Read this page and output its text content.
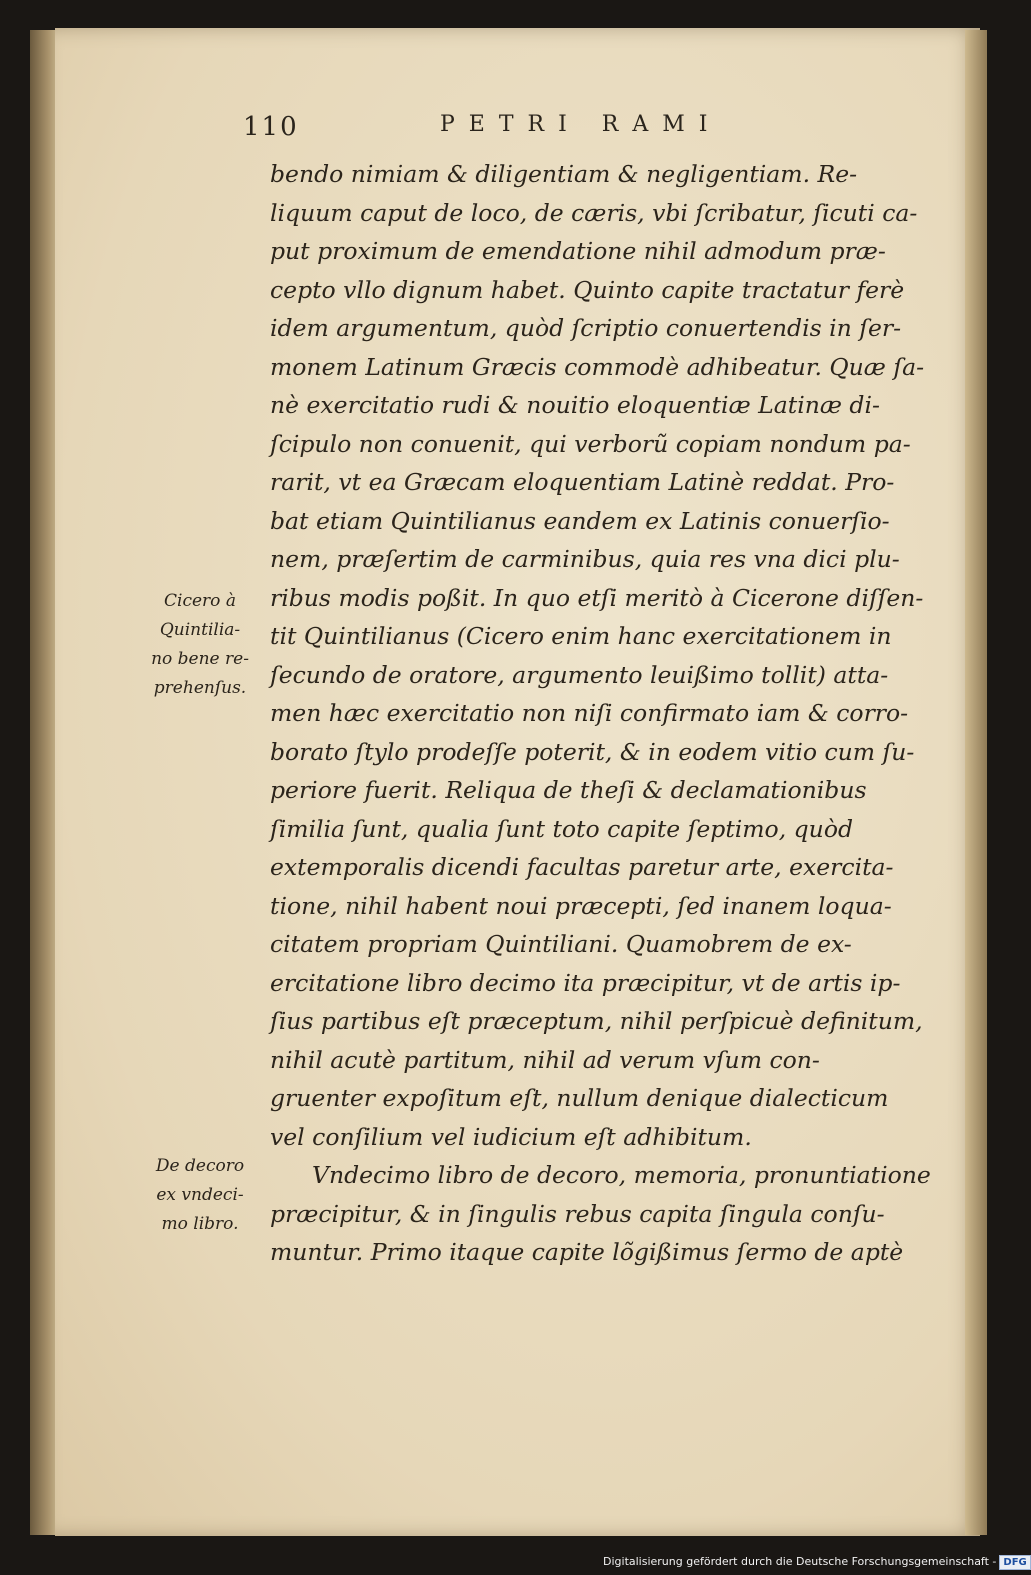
110	PETRI RAMI
bendo nimiam & diligentiam & negligentiam. Re-
liquum caput de loco, de cæris, vbi ſcribatur, ſicuti ca-
put proximum de emendatione nihil admodum præ-
cepto vllo dignum habet. Quinto capite tractatur ferè
idem argumentum, quòd ſcriptio conuertendis in ſer-
monem Latinum Græcis commodè adhibeatur. Quæ ſa-
nè exercitatio rudi & nouitio eloquentiæ Latinæ di-
ſcipulo non conuenit, qui verborũ copiam nondum pa-
rarit, vt ea Græcam eloquentiam Latinè reddat. Pro-
bat etiam Quintilianus eandem ex Latinis conuerſio-
nem, præſertim de carminibus, quia res vna dici plu-
ribus modis poßit. In quo etſi meritò à Cicerone diſſen-
tit Quintilianus (Cicero enim hanc exercitationem in
ſecundo de oratore, argumento leuißimo tollit) atta-
men hæc exercitatio non niſi confirmato iam & corro-
borato ſtylo prodeſſe poterit, & in eodem vitio cum ſu-
periore fuerit. Reliqua de theſi & declamationibus
ſimilia ſunt, qualia ſunt toto capite ſeptimo, quòd
extemporalis dicendi facultas paretur arte, exercita-
tione, nihil habent noui præcepti, ſed inanem loqua-
citatem propriam Quintiliani. Quamobrem de ex-
ercitatione libro decimo ita præcipitur, vt de artis ip-
ſius partibus eſt præceptum, nihil perſpicuè definitum,
nihil acutè partitum, nihil ad verum vſum con-
gruenter expoſitum eſt, nullum denique dialecticum
vel conſilium vel iudicium eſt adhibitum.
Vndecimo libro de decoro, memoria, pronuntiatione
præcipitur, & in ſingulis rebus capita ſingula conſu-
muntur. Primo itaque capite lõgißimus ſermo de aptè
Cicero à
Quintilia-
no bene re-
prehenſus.
De decoro
ex vndeci-
mo libro.
Digitalisierung gefördert durch die Deutsche Forschungsgemeinschaft - DFG
